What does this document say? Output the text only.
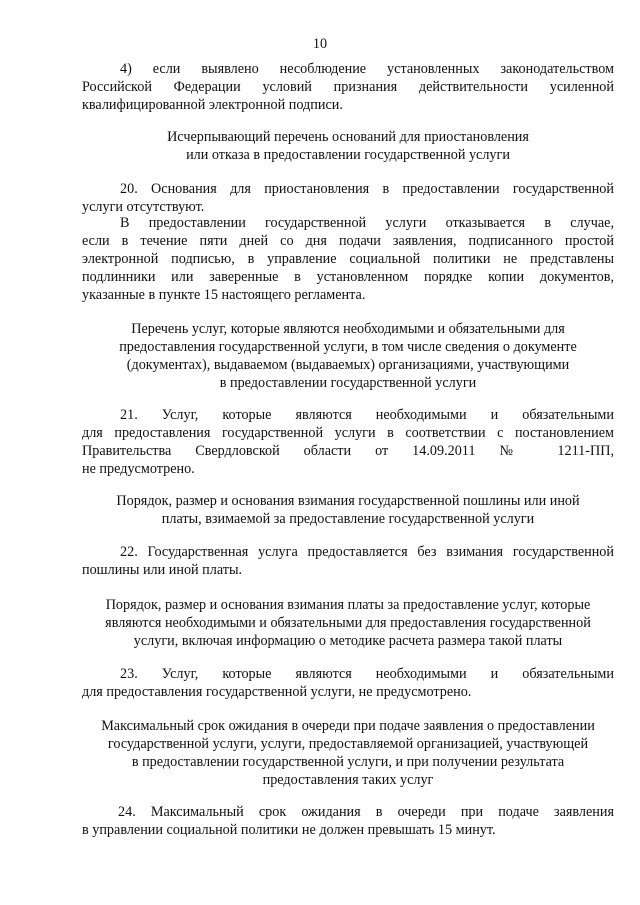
10
4) если выявлено несоблюдение установленных законодательством
Российской Федерации условий признания действительности усиленной
квалифицированной электронной подписи.
Исчерпывающий перечень оснований для приостановления
или отказа в предоставлении государственной услуги
20. Основания для приостановления в предоставлении государственной
услуги отсутствуют.
В предоставлении государственной услуги отказывается в случае,
если в течение пяти дней со дня подачи заявления, подписанного простой
электронной подписью, в управление социальной политики не представлены
подлинники или заверенные в установленном порядке копии документов,
указанные в пункте 15 настоящего регламента.
Перечень услуг, которые являются необходимыми и обязательными для
предоставления государственной услуги, в том числе сведения о документе
(документах), выдаваемом (выдаваемых) организациями, участвующими
в предоставлении государственной услуги
21. Услуг, которые являются необходимыми и обязательными
для предоставления государственной услуги в соответствии с постановлением
Правительства Свердловской области от 14.09.2011 № 1211-ПП,
не предусмотрено.
Порядок, размер и основания взимания государственной пошлины или иной
платы, взимаемой за предоставление государственной услуги
22. Государственная услуга предоставляется без взимания государственной
пошлины или иной платы.
Порядок, размер и основания взимания платы за предоставление услуг, которые
являются необходимыми и обязательными для предоставления государственной
услуги, включая информацию о методике расчета размера такой платы
23. Услуг, которые являются необходимыми и обязательными
для предоставления государственной услуги, не предусмотрено.
Максимальный срок ожидания в очереди при подаче заявления о предоставлении
государственной услуги, услуги, предоставляемой организацией, участвующей
в предоставлении государственной услуги, и при получении результата
предоставления таких услуг
24. Максимальный срок ожидания в очереди при подаче заявления
в управлении социальной политики не должен превышать 15 минут.
